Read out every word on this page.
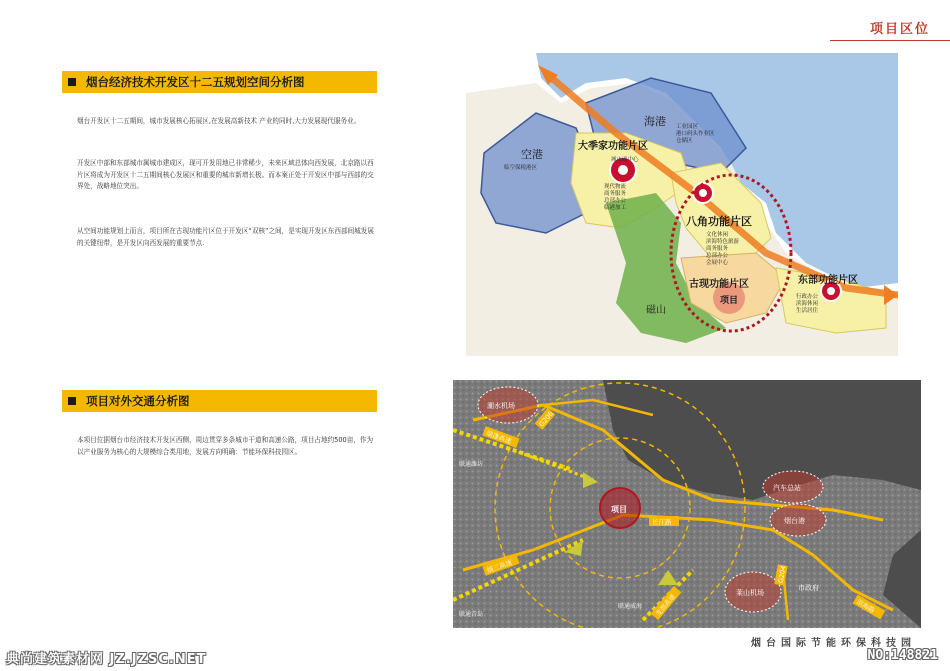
项目区位
烟台经济技术开发区十二五规划空间分析图
烟台开发区十二五期间，城市发展核心拓展区,在发展高新技术 产业的同时,大力发展现代服务业。
开发区中部和东部城市属城市建成区，现可开发用地已非常稀少，未来区域总体向西发展，北京路以西片区将成为开发区十二五期间核心发展区和重要的城市新增长极。而本案正处于开发区中部与西部的交界处，战略地位突出。
从空间功能规划上而言，项目所在古现功能片区位于开发区“双核”之间，是实现开发区东西部间城发展的关键纽带，是开发区向西发展的重要节点.
海港
空港
大季家功能片区
八角功能片区
古现功能片区	东部功能片区
磁山
项目
工业园区
港口码头作业区
仓储区
临空保税港区
城市副中心
现代物流
商务服务
总部办公
临港加工
文化休闲
滨海特色旅游
商务服务
总部办公
会展中心
行政办公
滨海休闲
生活居住
项目对外交通分析图
本项目位据烟台市经济技术开发区西侧，周边贯穿多条城市干道和高速公路，项目占地约500亩，作为以产业服务为核心的大规模综合类用地，发展方向明确：节能环保科技园区。
项目
潮水机场
汽车总站
烟台港
莱山机场
市政府
G206
烟蓬高速
烟三高速
长江路
滨海路
G204
龙烟高速
联通潍坊
联通青岛
联通威海
烟台国际节能环保科技园
典尚建筑素材网 JZ.JZSC.NET	NO:148821
